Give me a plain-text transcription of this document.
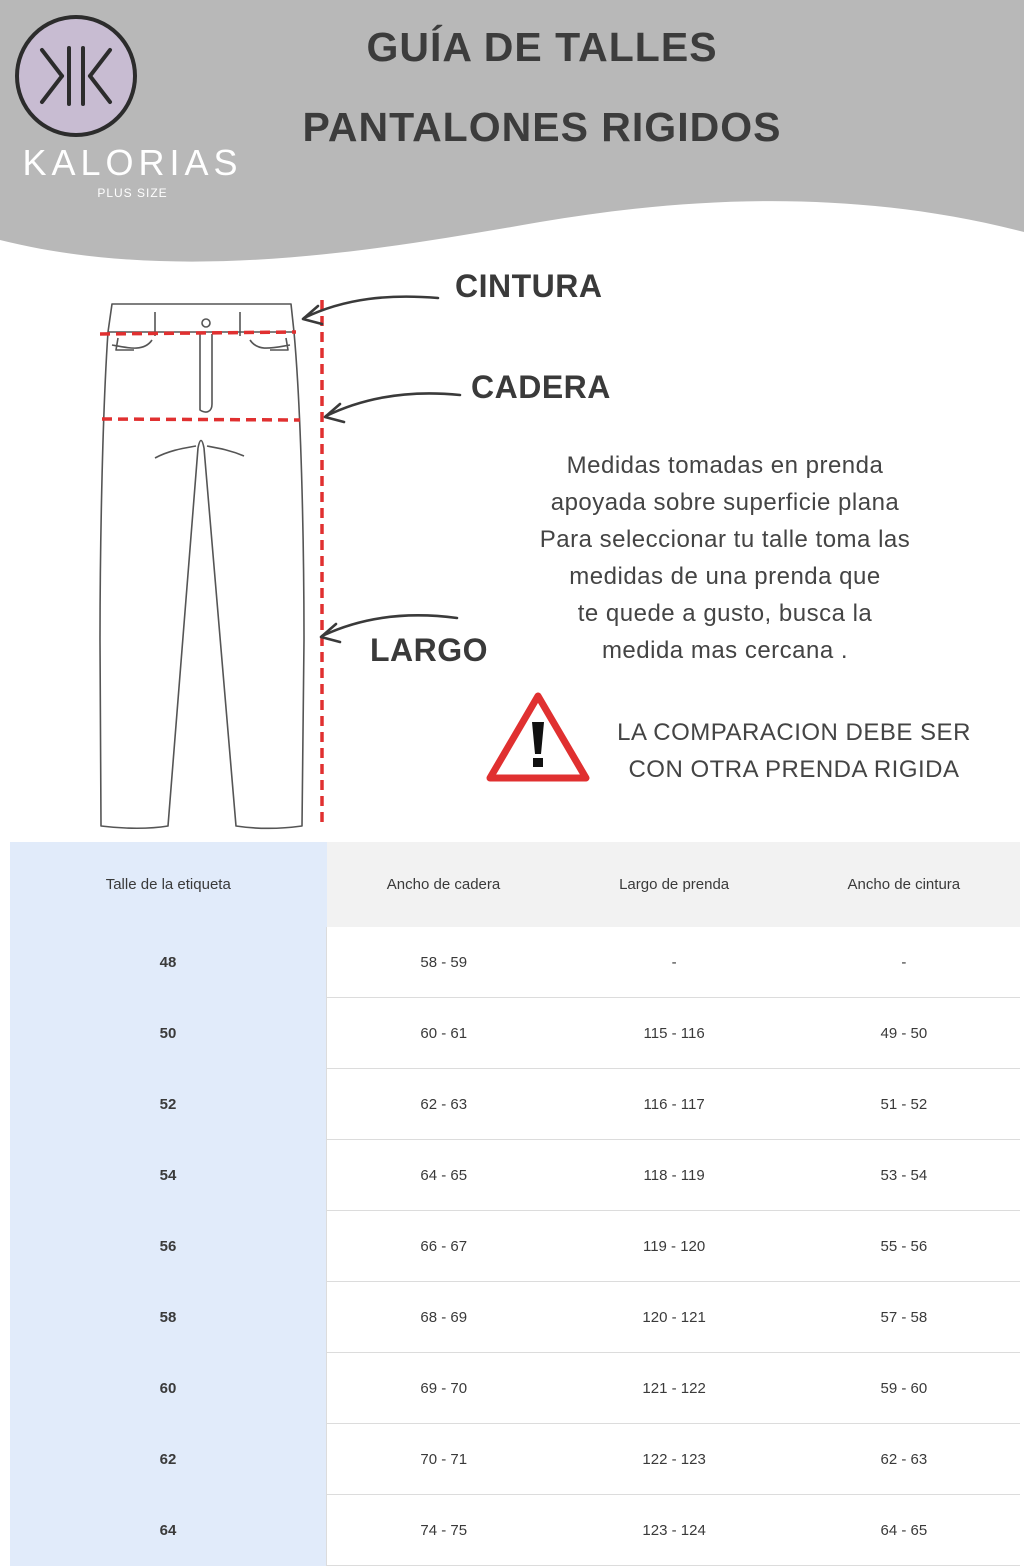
KALORIAS
PLUS SIZE
GUÍA DE TALLES
PANTALONES RIGIDOS
CINTURA
CADERA
LARGO
Medidas tomadas en prenda
apoyada sobre superficie plana
Para seleccionar tu talle toma las
medidas de una prenda que
te quede a gusto, busca la
medida mas cercana .
LA COMPARACION DEBE SER
CON OTRA PRENDA RIGIDA
Talle de la etiqueta	Ancho de cadera	Largo de prenda	Ancho de cintura
48	58 - 59	-	-
50	60 - 61	115 - 116	49 - 50
52	62 - 63	116 - 117	51 - 52
54	64 - 65	118 - 119	53 - 54
56	66 - 67	119 - 120	55 - 56
58	68 - 69	120 - 121	57 - 58
60	69 - 70	121 - 122	59 - 60
62	70 - 71	122 - 123	62 - 63
64	74 - 75	123 - 124	64 - 65
